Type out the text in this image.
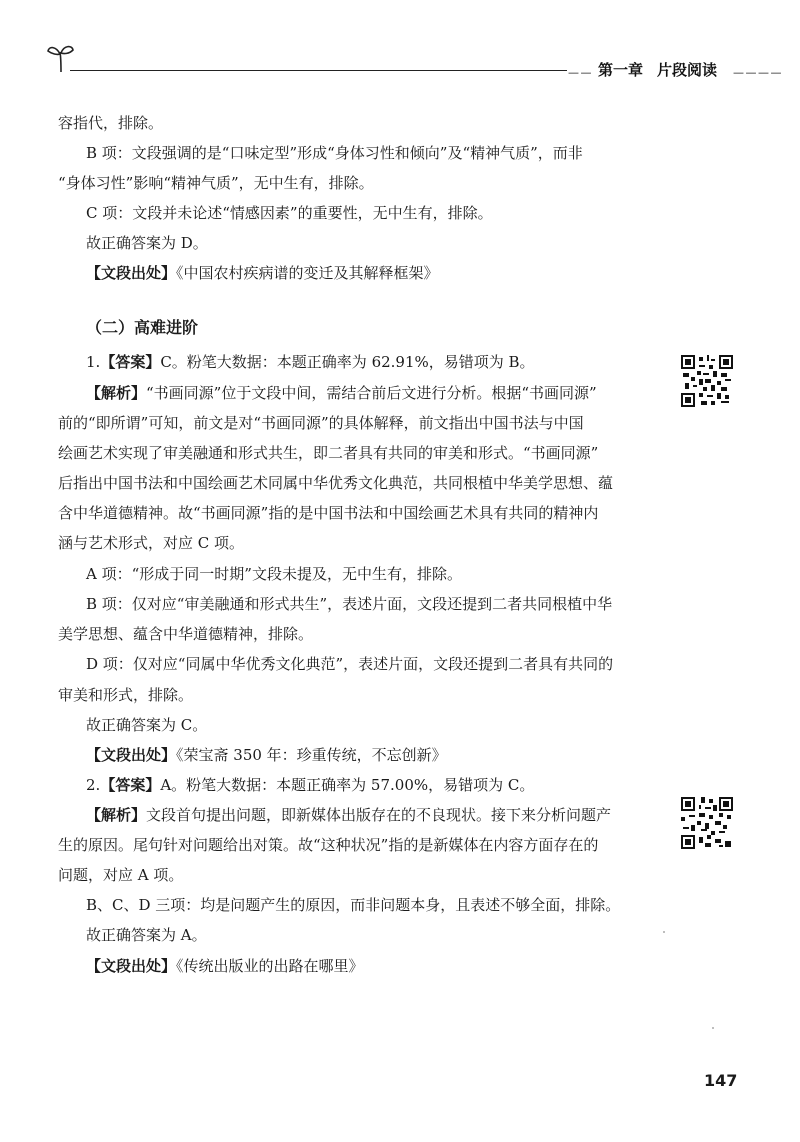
— — 第一章 片段阅读 — — — —
容指代，排除。
B 项：文段强调的是“口味定型”形成“身体习性和倾向”及“精神气质”，而非
“身体习性”影响“精神气质”，无中生有，排除。
C 项：文段并未论述“情感因素”的重要性，无中生有，排除。
故正确答案为 D。
【文段出处】《中国农村疾病谱的变迁及其解释框架》
（二）高难进阶
1.【答案】C。粉笔大数据：本题正确率为 62.91%，易错项为 B。
【解析】“书画同源”位于文段中间，需结合前后文进行分析。根据“书画同源”
前的“即所谓”可知，前文是对“书画同源”的具体解释，前文指出中国书法与中国
绘画艺术实现了审美融通和形式共生，即二者具有共同的审美和形式。“书画同源”
后指出中国书法和中国绘画艺术同属中华优秀文化典范，共同根植中华美学思想、蕴
含中华道德精神。故“书画同源”指的是中国书法和中国绘画艺术具有共同的精神内
涵与艺术形式，对应 C 项。
A 项：“形成于同一时期”文段未提及，无中生有，排除。
B 项：仅对应“审美融通和形式共生”，表述片面，文段还提到二者共同根植中华
美学思想、蕴含中华道德精神，排除。
D 项：仅对应“同属中华优秀文化典范”，表述片面，文段还提到二者具有共同的
审美和形式，排除。
故正确答案为 C。
【文段出处】《荣宝斋 350 年：珍重传统，不忘创新》
2.【答案】A。粉笔大数据：本题正确率为 57.00%，易错项为 C。
【解析】文段首句提出问题，即新媒体出版存在的不良现状。接下来分析问题产
生的原因。尾句针对问题给出对策。故“这种状况”指的是新媒体在内容方面存在的
问题，对应 A 项。
B、C、D 三项：均是问题产生的原因，而非问题本身，且表述不够全面，排除。
故正确答案为 A。
【文段出处】《传统出版业的出路在哪里》
147
